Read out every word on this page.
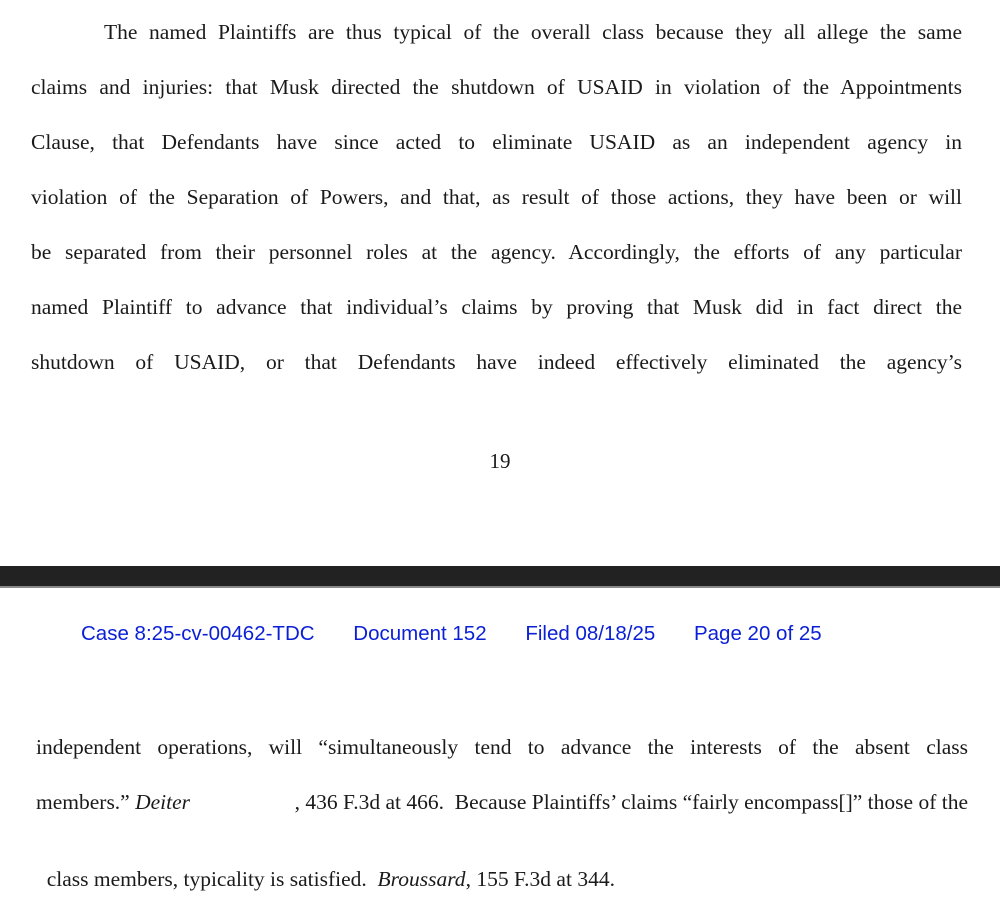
The named Plaintiffs are thus typical of the overall class because they all allege the same
claims and injuries: that Musk directed the shutdown of USAID in violation of the Appointments
Clause, that Defendants have since acted to eliminate USAID as an independent agency in
violation of the Separation of Powers, and that, as result of those actions, they have been or will
be separated from their personnel roles at the agency. Accordingly, the efforts of any particular
named Plaintiff to advance that individual’s claims by proving that Musk did in fact direct the
shutdown of USAID, or that Defendants have indeed effectively eliminated the agency’s
19
Case 8:25-cv-00462-TDC Document 152 Filed 08/18/25 Page 20 of 25
independent operations, will “simultaneously tend to advance the interests of the absent class
members.” Deiter	, 436 F.3d at 466.  Because Plaintiffs’ claims “fairly encompass[]” those of the

class members, typicality is satisfied.  Broussard, 155 F.3d at 344.
